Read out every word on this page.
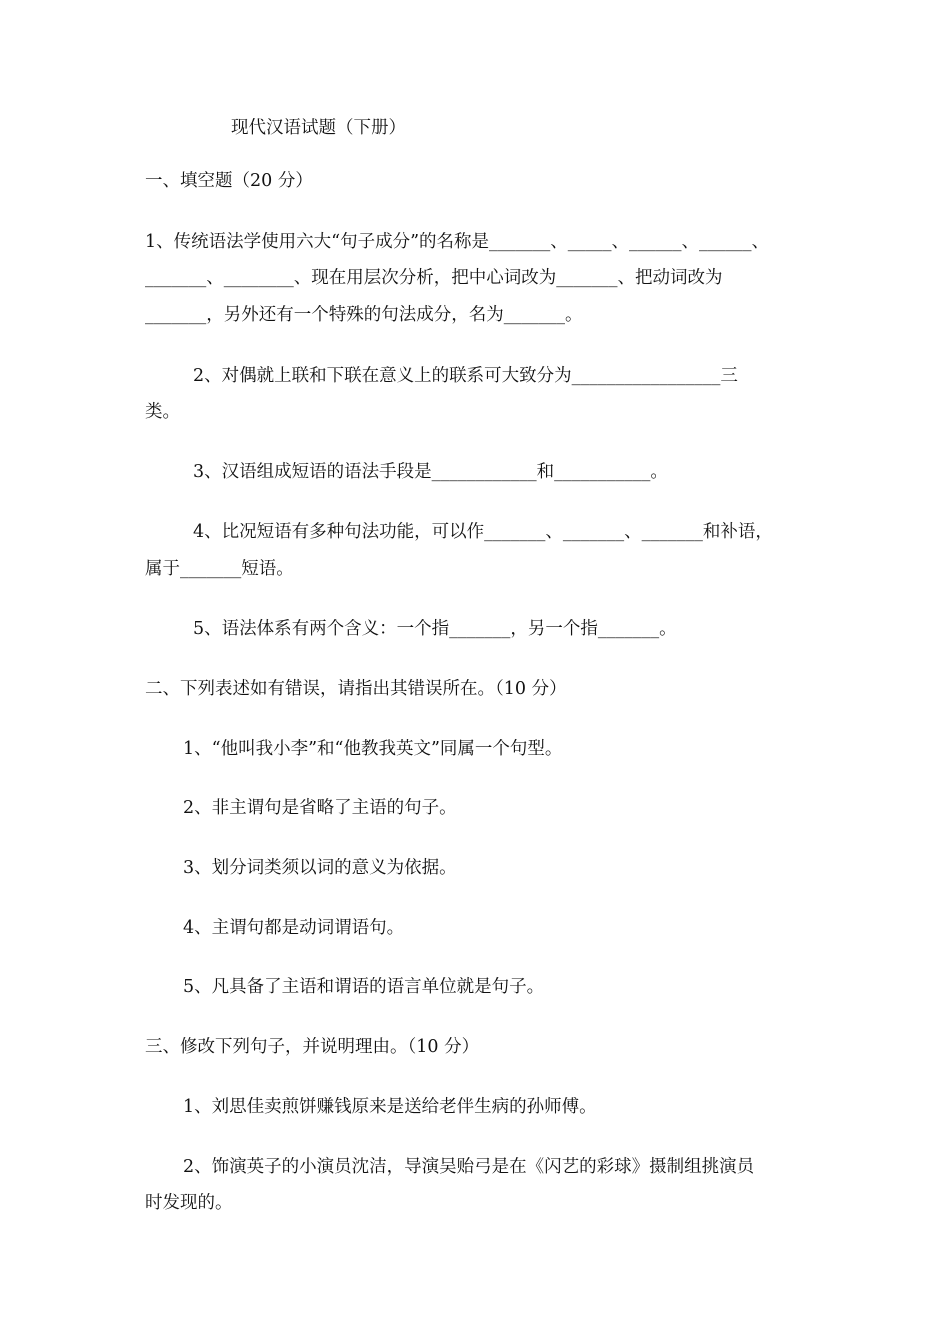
现代汉语试题（下册）

一、填空题（20 分）

1、传统语法学使用六大“句子成分”的名称是_______、_____、______、______、

_______、________、现在用层次分析，把中心词改为_______、把动词改为

_______，另外还有一个特殊的句法成分，名为_______。

2、对偶就上联和下联在意义上的联系可大致分为_________________三

类。

3、汉语组成短语的语法手段是____________和___________。

4、比况短语有多种句法功能，可以作_______、_______、_______和补语，

属于_______短语。

5、语法体系有两个含义：一个指_______，另一个指_______。

二、下列表述如有错误，请指出其错误所在。（10 分）

1、“他叫我小李”和“他教我英文”同属一个句型。

2、非主谓句是省略了主语的句子。

3、划分词类须以词的意义为依据。

4、主谓句都是动词谓语句。

5、凡具备了主语和谓语的语言单位就是句子。

三、修改下列句子，并说明理由。（10 分）

1、刘思佳卖煎饼赚钱原来是送给老伴生病的孙师傅。

2、饰演英子的小演员沈洁，导演吴贻弓是在《闪艺的彩球》摄制组挑演员

时发现的。
